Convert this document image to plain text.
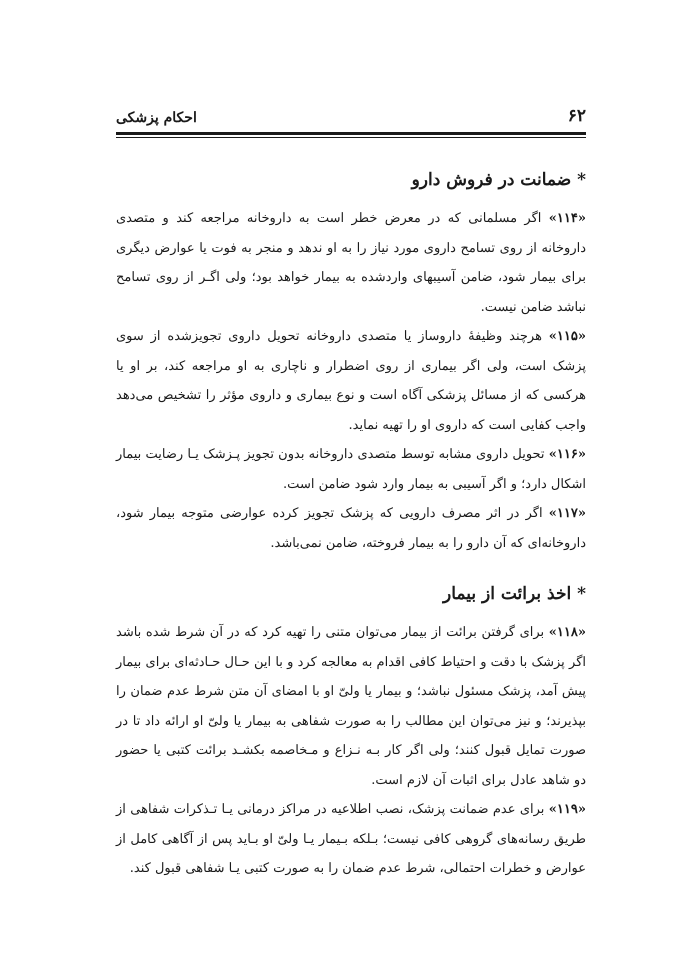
۶۲
احکام پزشکی
* ضمانت در فروش دارو

«۱۱۴» اگر مسلمانی که در معرض خطر است به داروخانه مراجعه کند و متصدی داروخانه از روی تسامح داروی مورد نیاز را به او ندهد و منجر به فوت یا عوارض دیگری برای بیمار شود، ضامن آسیبهای واردشده به بیمار خواهد بود؛ ولی اگـر از روی تسامح نباشد ضامن نیست.

«۱۱۵» هرچند وظیفهٔ داروساز یا متصدی داروخانه تحویل داروی تجویزشده از سوی پزشک است، ولی اگر بیماری از روی اضطرار و ناچاری به او مراجعه کند، بر او یا هرکسی که از مسائل پزشکی آگاه است و نوع بیماری و داروی مؤثر را تشخیص می‌دهد واجب کفایی است که داروی او را تهیه نماید.

«۱۱۶» تحویل داروی مشابه توسط متصدی داروخانه بدون تجویز پـزشک یـا رضایت بیمار اشکال دارد؛ و اگر آسیبی به بیمار وارد شود ضامن است.

«۱۱۷» اگر در اثر مصرف دارویی که پزشک تجویز کرده عوارضی متوجه بیمار شود، داروخانه‌ای که آن دارو را به بیمار فروخته، ضامن نمی‌باشد.

* اخذ برائت از بیمار

«۱۱۸» برای گرفتن برائت از بیمار می‌توان متنی را تهیه کرد که در آن شرط شده باشد اگر پزشک با دقت و احتیاط کافی اقدام به معالجه کرد و با این حـال حـادثه‌ای برای بیمار پیش آمد، پزشک مسئول نباشد؛ و بیمار یا ولیّ او با امضای آن متن شرط عدم ضمان را بپذیرند؛ و نیز می‌توان این مطالب را به صورت شفاهی به بیمار یا ولیّ او ارائه داد تا در صورت تمایل قبول کنند؛ ولی اگر کار بـه نـزاع و مـخاصمه بکشـد برائت کتبی یا حضور دو شاهد عادل برای اثبات آن لازم است.

«۱۱۹» برای عدم ضمانت پزشک، نصب اطلاعیه در مراکز درمانی یـا تـذکرات شفاهی از طریق رسانه‌های گروهی کافی نیست؛ بـلکه بـیمار یـا ولیّ او بـاید پس از آگاهی کامل از عوارض و خطرات احتمالی، شرط عدم ضمان را به صورت کتبی یـا شفاهی قبول کند.
